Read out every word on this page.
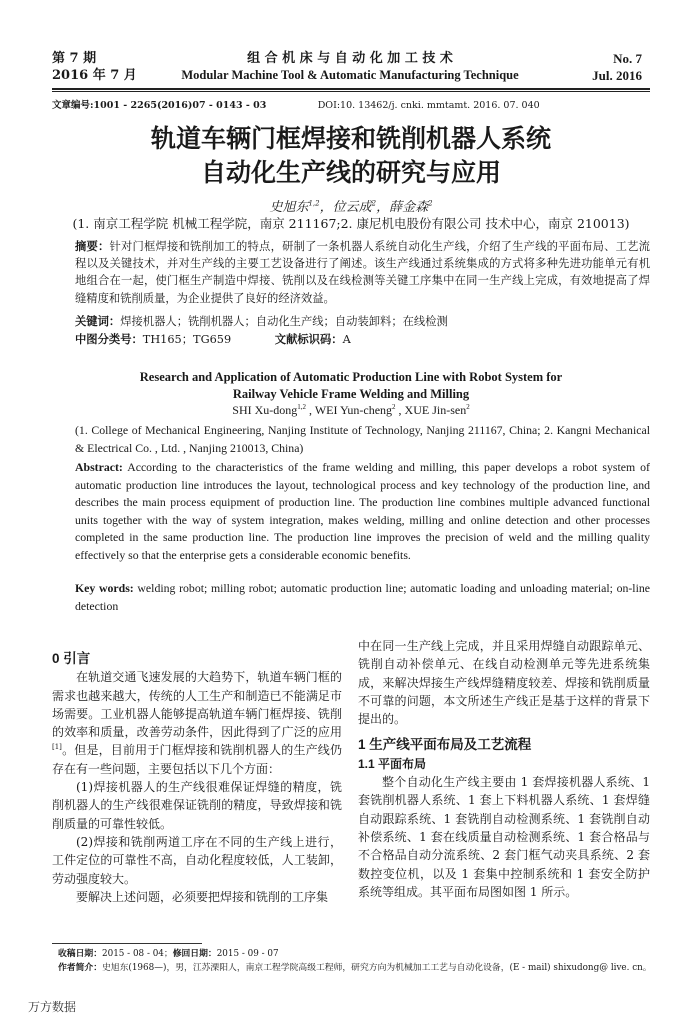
第 7 期
2016 年 7 月
组 合 机 床 与 自 动 化 加 工 技 术
Modular Machine Tool & Automatic Manufacturing Technique
No. 7
Jul. 2016
文章编号:1001 - 2265(2016)07 - 0143 - 03	DOI:10. 13462/j. cnki. mmtamt. 2016. 07. 040
轨道车辆门框焊接和铣削机器人系统
自动化生产线的研究与应用
史旭东$^{1,2}$，位云成$^2$，薛金森$^2$
(1. 南京工程学院 机械工程学院，南京 211167;2. 康尼机电股份有限公司 技术中心，南京 210013)
摘要：针对门框焊接和铣削加工的特点，研制了一条机器人系统自动化生产线，介绍了生产线的平面布局、工艺流程以及关键技术，并对生产线的主要工艺设备进行了阐述。该生产线通过系统集成的方式将多种先进功能单元有机地组合在一起，使门框生产制造中焊接、铣削以及在线检测等关键工序集中在同一生产线上完成，有效地提高了焊缝精度和铣削质量，为企业提供了良好的经济效益。
关键词：焊接机器人；铣削机器人；自动化生产线；自动装卸料；在线检测
中图分类号：TH165；TG659	文献标识码：A
Research and Application of Automatic Production Line with Robot System for
Railway Vehicle Frame Welding and Milling
SHI Xu-dong$^{1,2}$ , WEI Yun-cheng$^2$ , XUE Jin-sen$^2$
(1. College of Mechanical Engineering, Nanjing Institute of Technology, Nanjing 211167, China; 2. Kangni Mechanical & Electrical Co. , Ltd. , Nanjing 210013, China)
Abstract: According to the characteristics of the frame welding and milling, this paper develops a robot system of automatic production line introduces the layout, technological process and key technology of the production line, and describes the main process equipment of production line. The production line combines multiple advanced functional units together with the way of system integration, makes welding, milling and online detection and other processes completed in the same production line. The production line improves the precision of weld and the milling quality effectively so that the enterprise gets a considerable economic benefits.
Key words: welding robot; milling robot; automatic production line; automatic loading and unloading material; on-line detection

0 引言

在轨道交通飞速发展的大趋势下，轨道车辆门框的需求也越来越大，传统的人工生产和制造已不能满足市场需要。工业机器人能够提高轨道车辆门框焊接、铣削的效率和质量，改善劳动条件，因此得到了广泛的应用[1]。但是，目前用于门框焊接和铣削机器人的生产线仍存在有一些问题，主要包括以下几个方面：

(1)焊接机器人的生产线很难保证焊缝的精度，铣削机器人的生产线很难保证铣削的精度，导致焊接和铣削质量的可靠性较低。

(2)焊接和铣削两道工序在不同的生产线上进行，工件定位的可靠性不高，自动化程度较低，人工装卸，劳动强度较大。

要解决上述问题，必须要把焊接和铣削的工序集

中在同一生产线上完成，并且采用焊缝自动跟踪单元、铣削自动补偿单元、在线自动检测单元等先进系统集成，来解决焊接生产线焊缝精度较差、焊接和铣削质量不可靠的问题，本文所述生产线正是基于这样的背景下提出的。

1 生产线平面布局及工艺流程

1.1 平面布局

整个自动化生产线主要由 1 套焊接机器人系统、1 套铣削机器人系统、1 套上下料机器人系统、1 套焊缝自动跟踪系统、1 套铣削自动检测系统、1 套铣削自动补偿系统、1 套在线质量自动检测系统、1 套合格品与不合格品自动分流系统、2 套门框气动夹具系统、2 套数控变位机，以及 1 套集中控制系统和 1 套安全防护系统等组成。其平面布局图如图 1 所示。

收稿日期：2015 - 08 - 04；修回日期：2015 - 09 - 07
作者简介：史旭东(1968—)，男，江苏溧阳人，南京工程学院高级工程师，研究方向为机械加工工艺与自动化设备，(E - mail) shixudong@ live. cn。
万方数据
